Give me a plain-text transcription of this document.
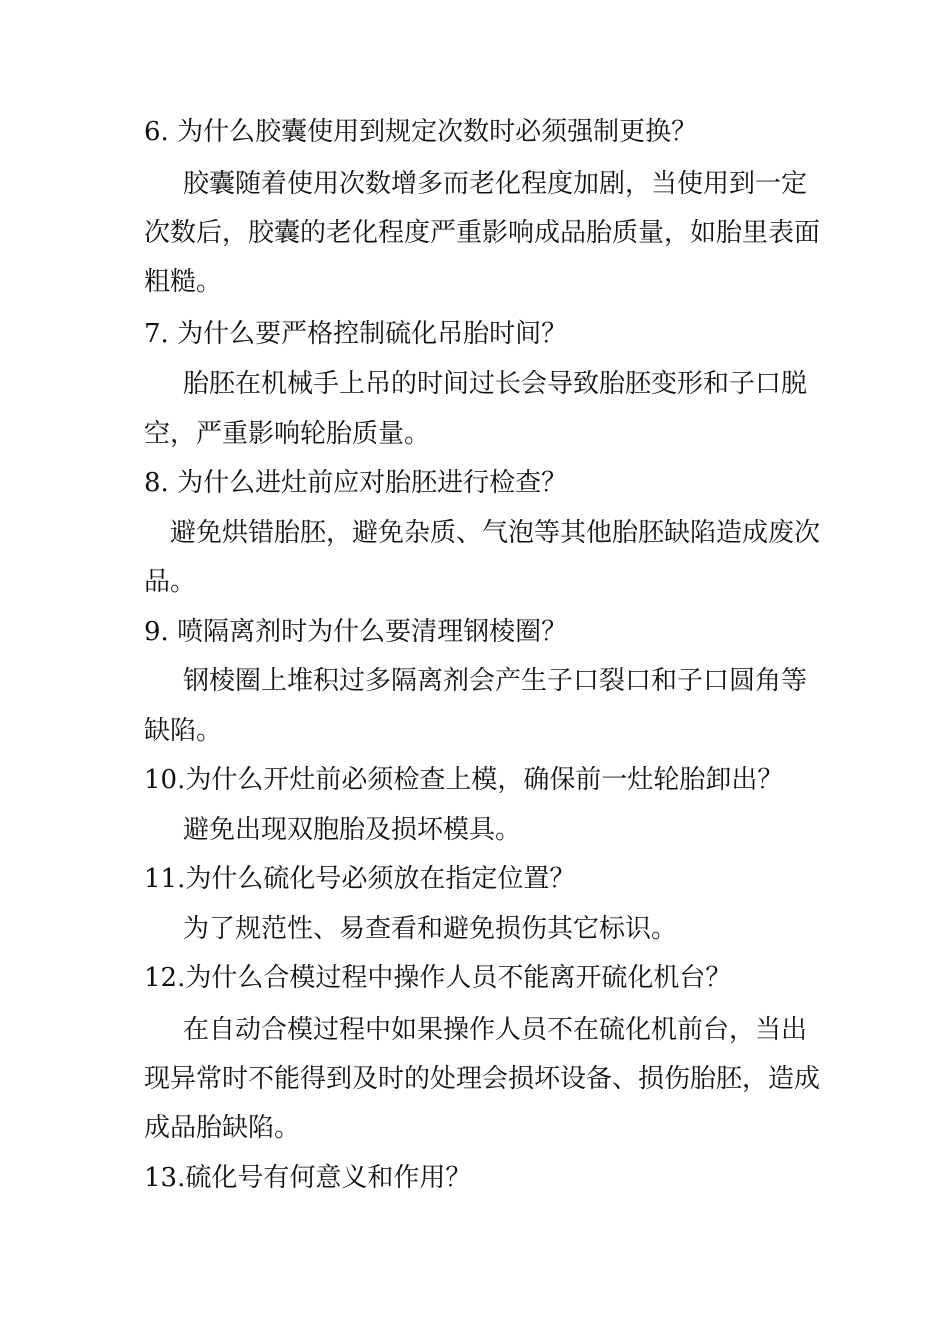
6. 为什么胶囊使用到规定次数时必须强制更换？
胶囊随着使用次数增多而老化程度加剧，当使用到一定
次数后，胶囊的老化程度严重影响成品胎质量，如胎里表面
粗糙。
7. 为什么要严格控制硫化吊胎时间？
胎胚在机械手上吊的时间过长会导致胎胚变形和子口脱
空，严重影响轮胎质量。
8. 为什么进灶前应对胎胚进行检查？
避免烘错胎胚，避免杂质、气泡等其他胎胚缺陷造成废次
品。
9. 喷隔离剂时为什么要清理钢棱圈？
钢棱圈上堆积过多隔离剂会产生子口裂口和子口圆角等
缺陷。
10.为什么开灶前必须检查上模，确保前一灶轮胎卸出？
避免出现双胞胎及损坏模具。
11.为什么硫化号必须放在指定位置？
为了规范性、易查看和避免损伤其它标识。
12.为什么合模过程中操作人员不能离开硫化机台？
在自动合模过程中如果操作人员不在硫化机前台，当出
现异常时不能得到及时的处理会损坏设备、损伤胎胚，造成
成品胎缺陷。
13.硫化号有何意义和作用？
